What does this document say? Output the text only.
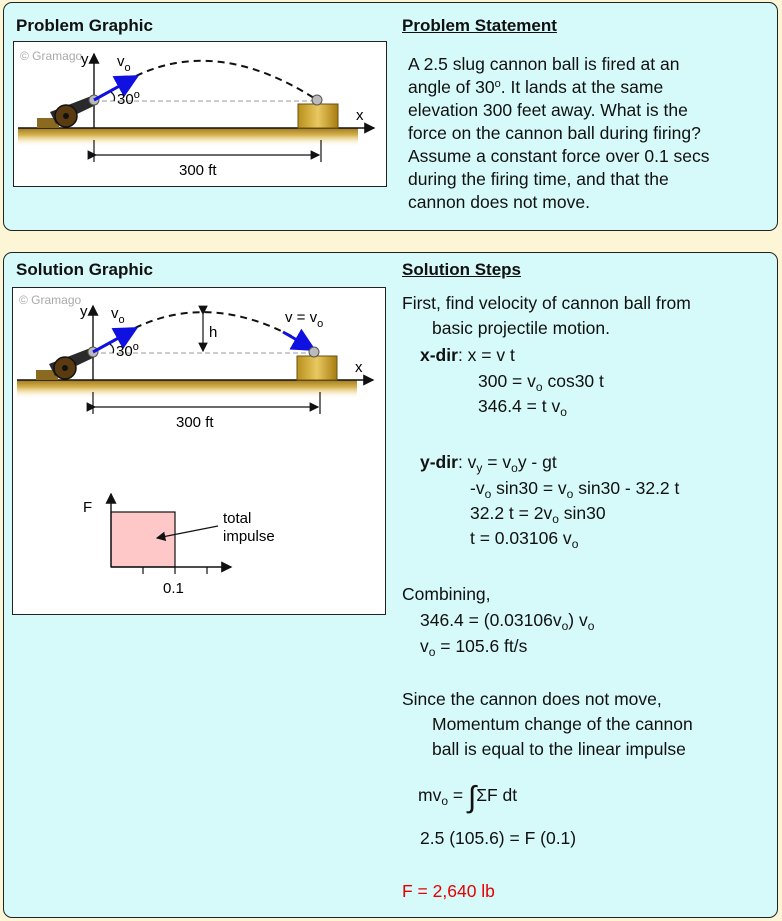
Problem Graphic	Problem Statement
© Gramago
x
y $v_o$
30$^o$
300 ft
A 2.5 slug cannon ball is fired at an
angle of 30$^o$. It lands at the same
elevation 300 feet away. What is the
force on the cannon ball during firing?
Assume a constant force over 0.1 secs
during the firing time, and that the
cannon does not move.
Solution Graphic	Solution Steps
© Gramago
x
y
h
$v_o$
30$^o$
$v = v_o$
300 ft
F
0.1
total
impulse
First, find velocity of cannon ball from
basic projectile motion.
x-dir: x = v t
$300 = v_o$ cos30 t
346.4 = t $v_o$
y-dir: $v_y = v_oy$ - gt
$-v_o$ $\sin 30 = v_o$ sin30 - 32.2 t
32.2 $t = 2v_o$ sin30
t = 0.03106 $v_o$
Combining,
$346.4 = (0.03106v_o)$ $v_o$
$v_o = 105.6$ ft/s
Since the cannon does not move,
Momentum change of the cannon
ball is equal to the linear impulse
$mv_o = \int\Sigma F$ dt
2.5 (105.6) = F (0.1)
F = 2,640 lb
